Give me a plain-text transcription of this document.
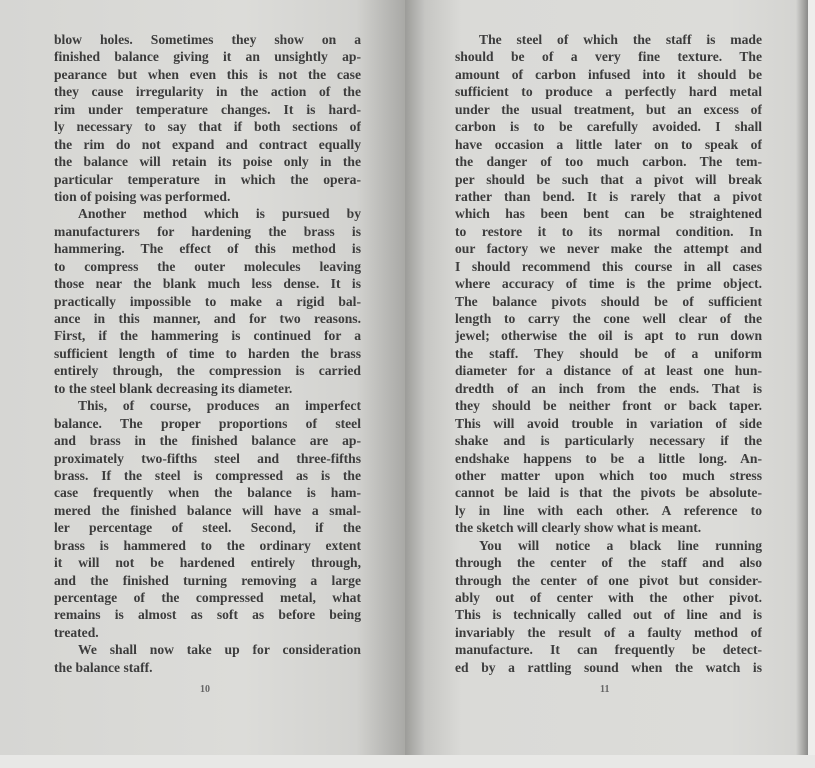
blow holes. Sometimes they show on a
finished balance giving it an unsightly ap-
pearance but when even this is not the case
they cause irregularity in the action of the
rim under temperature changes. It is hard-
ly necessary to say that if both sections of
the rim do not expand and contract equally
the balance will retain its poise only in the
particular temperature in which the opera-
tion of poising was performed.
Another method which is pursued by
manufacturers for hardening the brass is
hammering. The effect of this method is
to compress the outer molecules leaving
those near the blank much less dense. It is
practically impossible to make a rigid bal-
ance in this manner, and for two reasons.
First, if the hammering is continued for a
sufficient length of time to harden the brass
entirely through, the compression is carried
to the steel blank decreasing its diameter.
This, of course, produces an imperfect
balance. The proper proportions of steel
and brass in the finished balance are ap-
proximately two-fifths steel and three-fifths
brass. If the steel is compressed as is the
case frequently when the balance is ham-
mered the finished balance will have a smal-
ler percentage of steel. Second, if the
brass is hammered to the ordinary extent
it will not be hardened entirely through,
and the finished turning removing a large
percentage of the compressed metal, what
remains is almost as soft as before being
treated.
We shall now take up for consideration
the balance staff.
10
The steel of which the staff is made
should be of a very fine texture. The
amount of carbon infused into it should be
sufficient to produce a perfectly hard metal
under the usual treatment, but an excess of
carbon is to be carefully avoided. I shall
have occasion a little later on to speak of
the danger of too much carbon. The tem-
per should be such that a pivot will break
rather than bend. It is rarely that a pivot
which has been bent can be straightened
to restore it to its normal condition. In
our factory we never make the attempt and
I should recommend this course in all cases
where accuracy of time is the prime object.
The balance pivots should be of sufficient
length to carry the cone well clear of the
jewel; otherwise the oil is apt to run down
the staff. They should be of a uniform
diameter for a distance of at least one hun-
dredth of an inch from the ends. That is
they should be neither front or back taper.
This will avoid trouble in variation of side
shake and is particularly necessary if the
endshake happens to be a little long. An-
other matter upon which too much stress
cannot be laid is that the pivots be absolute-
ly in line with each other. A reference to
the sketch will clearly show what is meant.
You will notice a black line running
through the center of the staff and also
through the center of one pivot but consider-
ably out of center with the other pivot.
This is technically called out of line and is
invariably the result of a faulty method of
manufacture. It can frequently be detect-
ed by a rattling sound when the watch is
11
